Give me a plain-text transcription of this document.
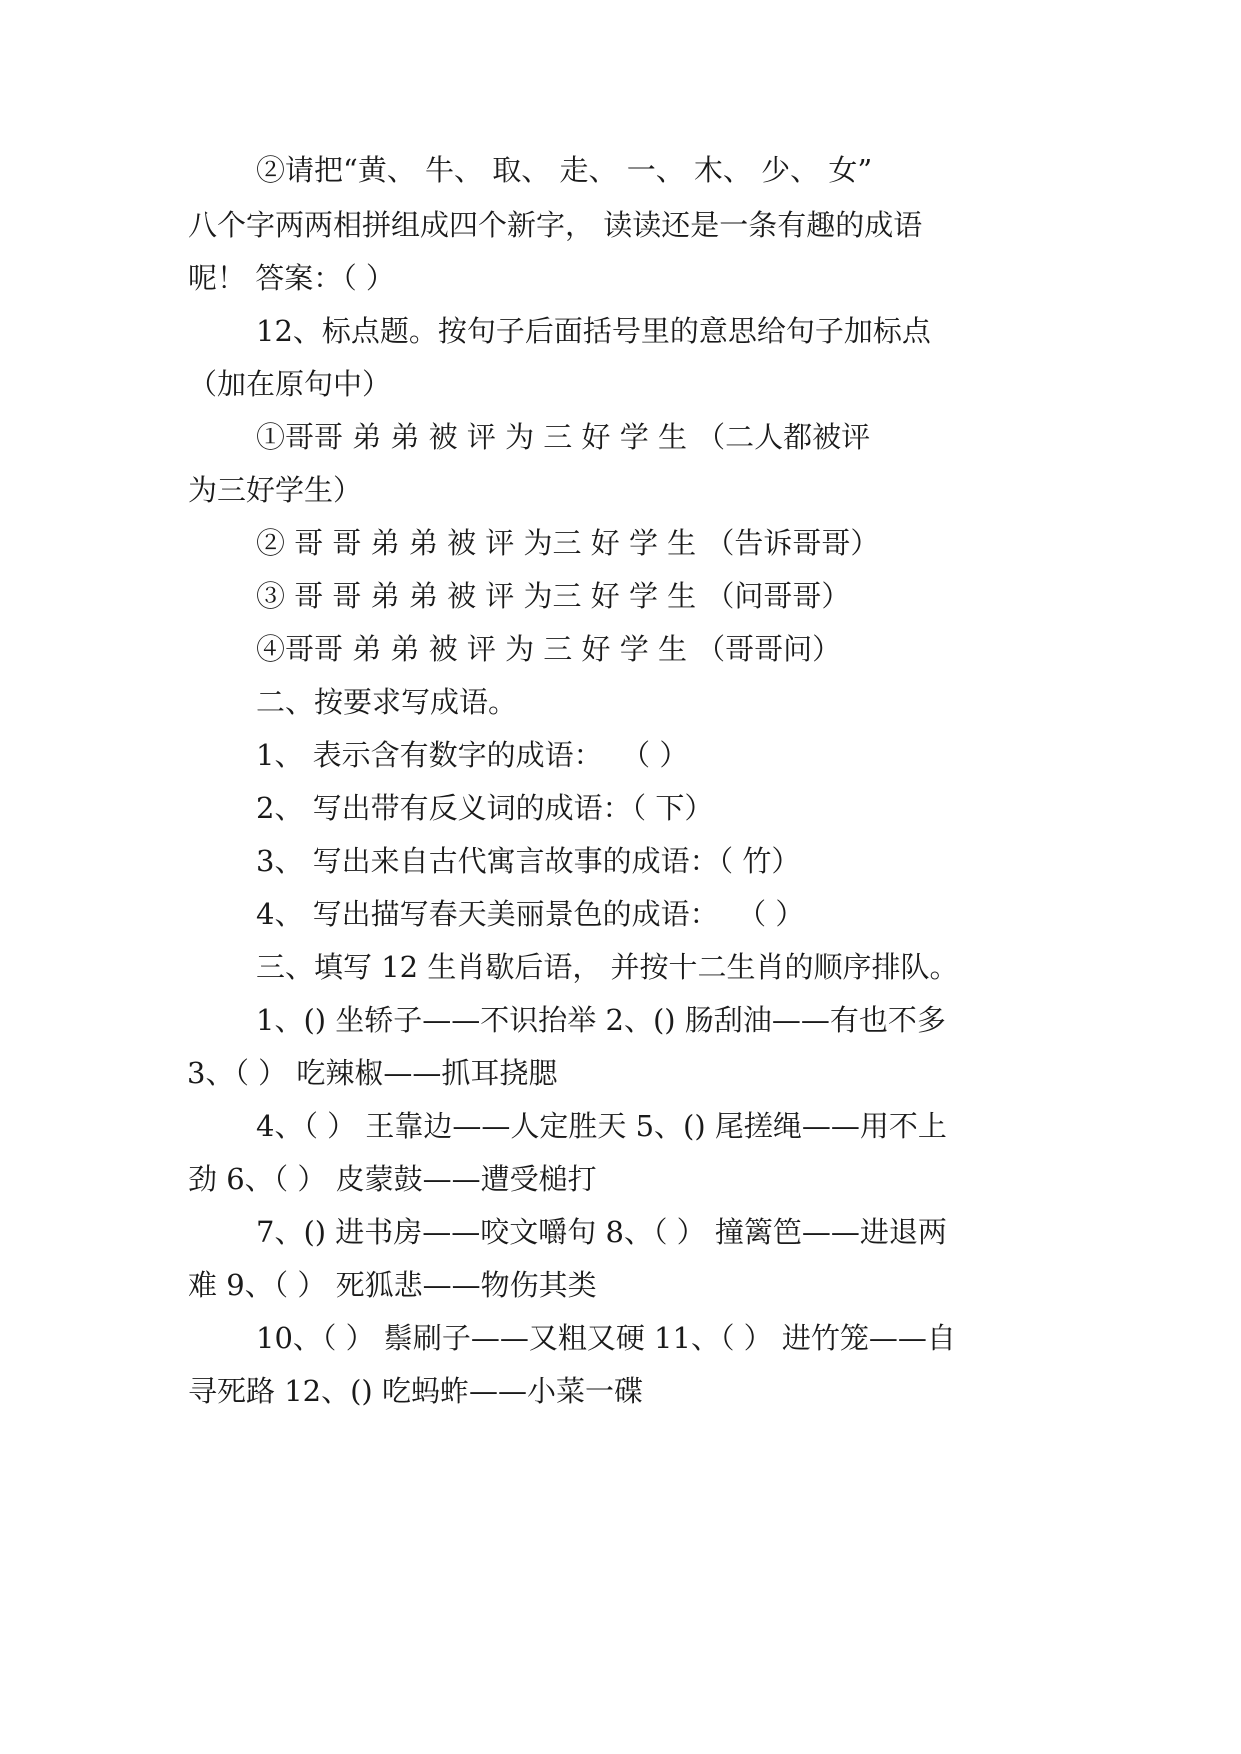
②请把“黄、 牛、 取、 走、 一、 木、 少、 女”
八个字两两相拼组成四个新字， 读读还是一条有趣的成语
呢！ 答案：（ ）
12、标点题。按句子后面括号里的意思给句子加标点
（加在原句中）
①哥哥 弟 弟 被 评 为 三 好 学 生 （二人都被评
为三好学生）
② 哥 哥 弟 弟 被 评 为三 好 学 生 （告诉哥哥）
③ 哥 哥 弟 弟 被 评 为三 好 学 生 （问哥哥）
④哥哥 弟 弟 被 评 为 三 好 学 生 （哥哥问）
二、按要求写成语。
1、 表示含有数字的成语：  （ ）
2、 写出带有反义词的成语：（ 下）
3、 写出来自古代寓言故事的成语：（ 竹）
4、 写出描写春天美丽景色的成语：  （ ）
三、填写 12 生肖歇后语， 并按十二生肖的顺序排队。
1、() 坐轿子——不识抬举 2、() 肠刮油——有也不多
3、（ ） 吃辣椒——抓耳挠腮
4、（ ） 王靠边——人定胜天 5、() 尾搓绳——用不上
劲 6、（ ） 皮蒙鼓——遭受槌打
7、() 进书房——咬文嚼句 8、（ ） 撞篱笆——进退两
难 9、（ ） 死狐悲——物伤其类
10、（ ） 鬃刷子——又粗又硬 11、（ ） 进竹笼——自
寻死路 12、() 吃蚂蚱——小菜一碟
